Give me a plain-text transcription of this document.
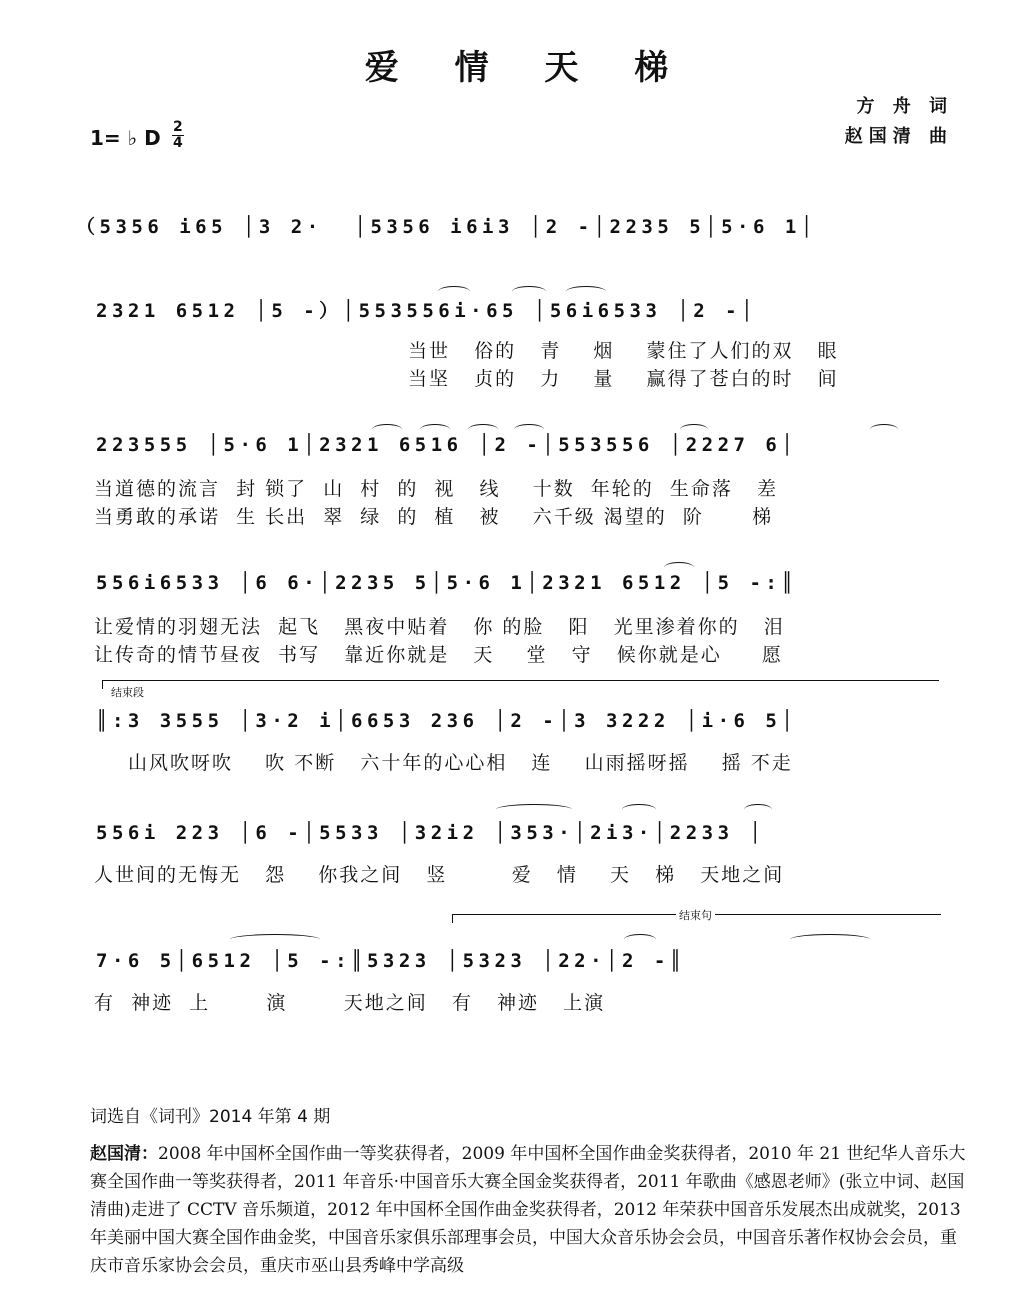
爱 情 天 梯
方 舟 词
赵国清 曲
1= ♭ D 2
4
（5356 i65 │3 2·  │5356 i6i3 │2 -│2235 5│5·6 1│
2321 6512 │5 -）│553556i·65 │56i6533 │2 -│
当世   俗的   青    烟    蒙住了人们的双   眼
当坚   贞的   力    量    赢得了苍白的时   间
223555 │5·6 1│2321 6516 │2 -│553556 │2227 6│
当道德的流言  封 锁了  山  村  的  视   线    十数  年轮的  生命落   差
当勇敢的承诺  生 长出  翠  绿  的  植   被    六千级 渴望的  阶      梯
556i6533 │6 6·│2235 5│5·6 1│2321 6512 │5 -:║
让爱情的羽翅无法  起飞   黑夜中贴着   你 的脸   阳   光里渗着你的   泪
让传奇的情节昼夜  书写   靠近你就是   天    堂   守   候你就是心     愿
结束段
║:3 3555 │3·2 i│6653 236 │2 -│3 3222 │i·6 5│
山风吹呀吹    吹 不断   六十年的心心相   连    山雨摇呀摇    摇 不走
556i 223 │6 -│5533 │32i2 │353·│2i3·│2233 │
人世间的无悔无   怨    你我之间   竖        爱   情    天   梯   天地之间
结束句
7·6 5│6512 │5 -:║5323 │5323 │22·│2 -║
有  神迹  上       演       天地之间   有   神迹   上演
词选自《词刊》2014 年第 4 期
赵国清：2008 年中国杯全国作曲一等奖获得者，2009 年中国杯全国作曲金奖获得者，2010 年 21 世纪华人音乐大赛全国作曲一等奖获得者，2011 年音乐·中国音乐大赛全国金奖获得者，2011 年歌曲《感恩老师》(张立中词、赵国清曲)走进了 CCTV 音乐频道，2012 年中国杯全国作曲金奖获得者，2012 年荣获中国音乐发展杰出成就奖，2013 年美丽中国大赛全国作曲金奖，中国音乐家俱乐部理事会员，中国大众音乐协会会员，中国音乐著作权协会会员，重庆市音乐家协会会员，重庆市巫山县秀峰中学高级
